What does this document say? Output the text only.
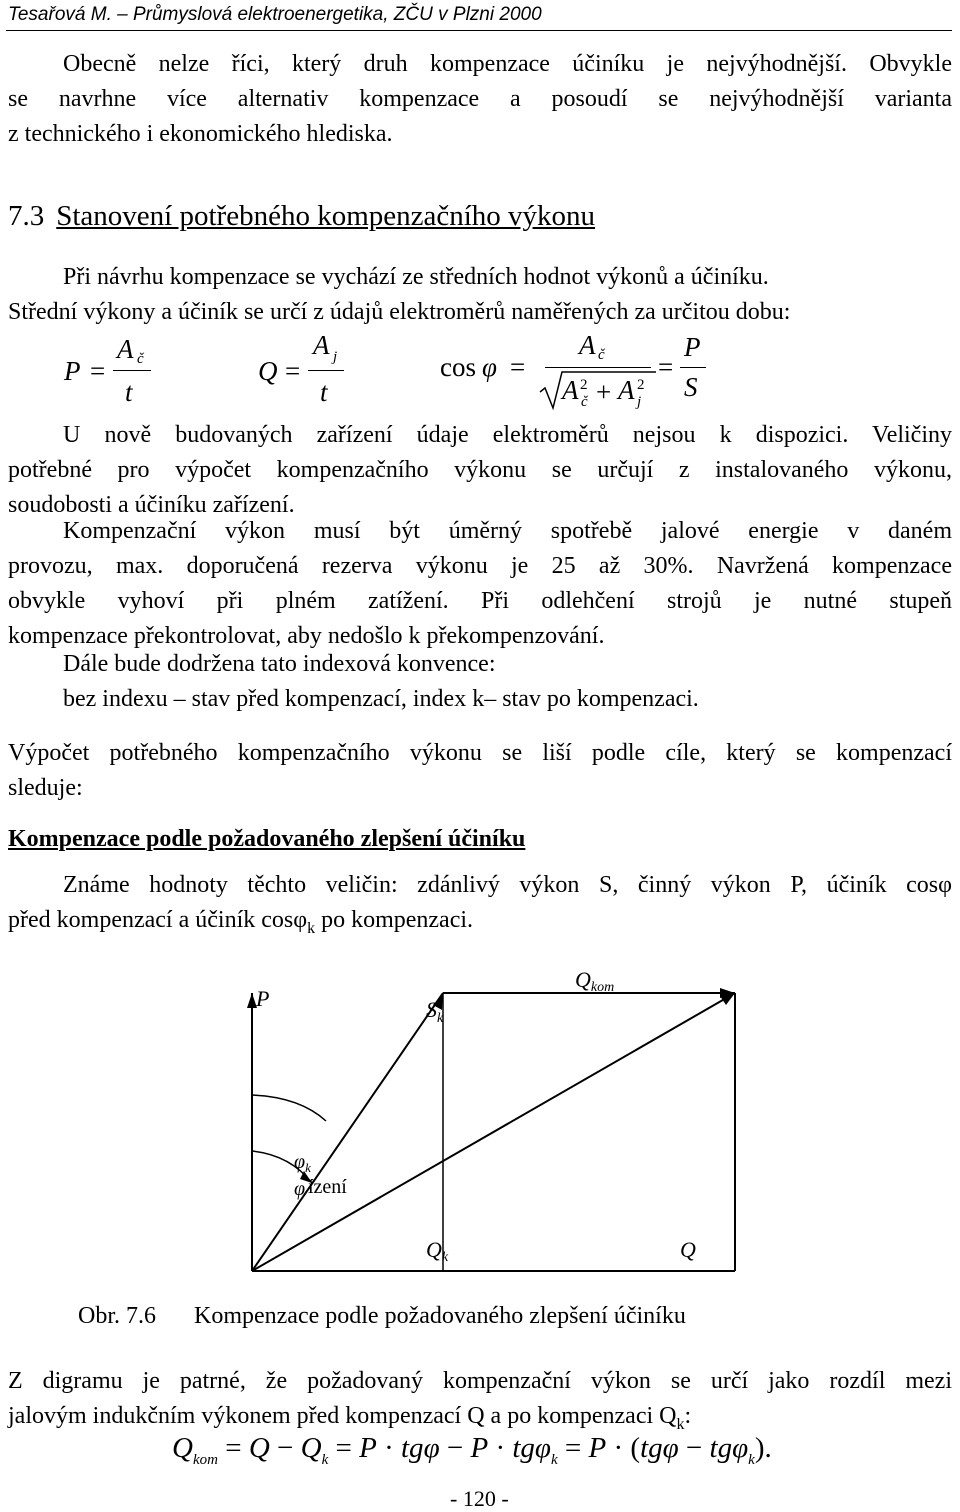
Tesařová M. – Průmyslová elektroenergetika, ZČU v Plzni 2000
Obecně nelze říci, který druh kompenzace účiníku je nejvýhodnější. Obvykle
se navrhne více alternativ kompenzace a posoudí se nejvýhodnější varianta
z technického i ekonomického hlediska.
7.3 Stanovení potřebného kompenzačního výkonu
Při návrhu kompenzace se vychází ze středních hodnot výkonů a účiníku.
Střední výkony a účiník se určí z údajů elektroměrů naměřených za určitou dobu:
P =
A č
t
Q =
A j
t
cos φ =
A č
A 2
č + A 2
j
=
P
S
U nově budovaných zařízení údaje elektroměrů nejsou k dispozici. Veličiny
potřebné pro výpočet kompenzačního výkonu se určují z instalovaného výkonu,
soudobosti a účiníku zařízení.
Kompenzační výkon musí být úměrný spotřebě jalové energie v daném
provozu, max. doporučená rezerva výkonu je 25 až 30%. Navržená kompenzace
obvykle vyhoví při plném zatížení. Při odlehčení strojů je nutné stupeň
kompenzace překontrolovat, aby nedošlo k překompenzování.
Dále bude dodržena tato indexová konvence:
bez indexu – stav před kompenzací, index k– stav po kompenzaci.
Výpočet potřebného kompenzačního výkonu se liší podle cíle, který se kompenzací
sleduje:
Kompenzace podle požadovaného zlepšení účiníku
Známe hodnoty těchto veličin: zdánlivý výkon S, činný výkon P, účiník cosφ
před kompenzací a účiník cosφ$_k$ po kompenzaci.
P	$S_k$
Qkom
$\varphi_k$
φ ízení
Qk	Q
Obr. 7.6 Kompenzace podle požadovaného zlepšení účiníku
Z digramu je patrné, že požadovaný kompenzační výkon se určí jako rozdíl mezi
jalovým indukčním výkonem před kompenzací Q a po kompenzaci $Q_k$:
$Q_{kom} = Q - Q_k = P \cdot tg\varphi - P \cdot tg\varphi_k = P \cdot (tg\varphi - tg\varphi_k)$.
- 120 -
